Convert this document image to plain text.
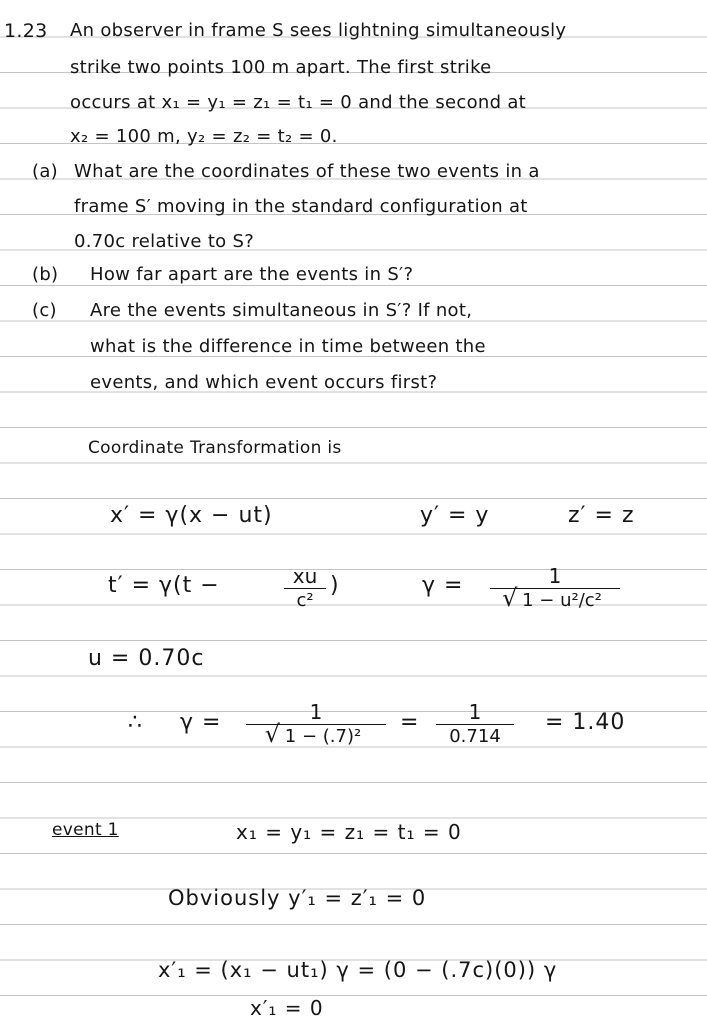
1.23 An observer in frame S sees lightning simultaneously
strike two points 100 m apart. The first strike
occurs at x₁ = y₁ = z₁ = t₁ = 0 and the second at
x₂ = 100 m, y₂ = z₂ = t₂ = 0.
(a) What are the coordinates of these two events in a
frame S′ moving in the standard configuration at
0.70c relative to S?
(b) How far apart are the events in S′?
(c) Are the events simultaneous in S′? If not,
what is the difference in time between the
events, and which event occurs first?
Coordinate Transformation is
x′ = γ(x − ut)	y′ = y	z′ = z
t′ = γ(t −	xu
c²
)	γ =	1
√ 1 − u²/c²
u = 0.70c
∴ γ =	1
√ 1 − (.7)²
=	1
0.714
= 1.40
event 1	x₁ = y₁ = z₁ = t₁ = 0
Obviously y′₁ = z′₁ = 0
x′₁ = (x₁ − ut₁) γ = (0 − (.7c)(0)) γ
x′₁ = 0
